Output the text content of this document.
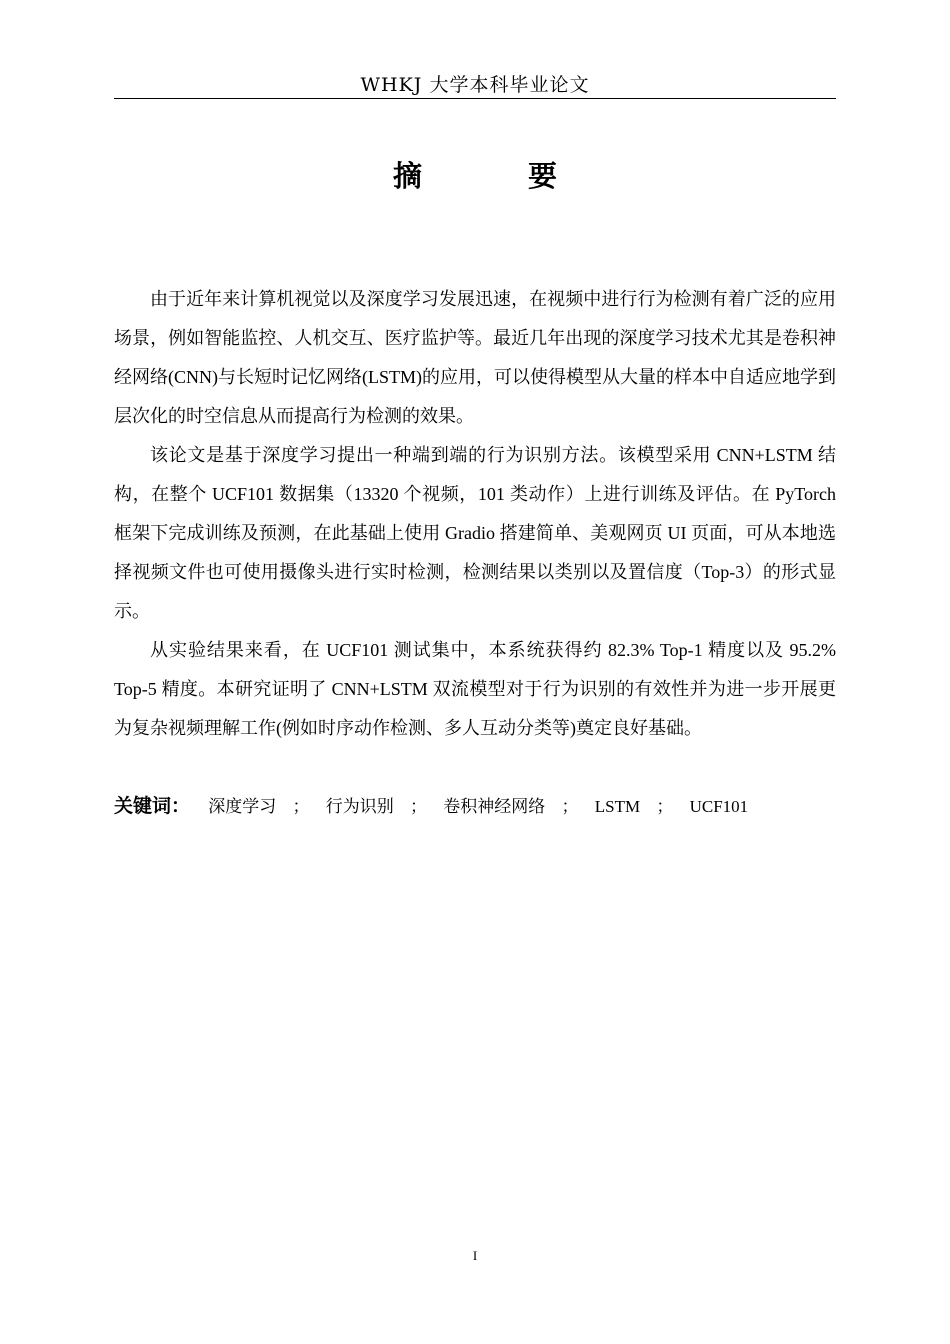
WHKJ 大学本科毕业论文
摘 要

由于近年来计算机视觉以及深度学习发展迅速，在视频中进行行为检测有着广泛的应用场景，例如智能监控、人机交互、医疗监护等。最近几年出现的深度学习技术尤其是卷积神经网络(CNN)与长短时记忆网络(LSTM)的应用，可以使得模型从大量的样本中自适应地学到层次化的时空信息从而提高行为检测的效果。

该论文是基于深度学习提出一种端到端的行为识别方法。该模型采用 CNN+LSTM 结构，在整个 UCF101 数据集（13320 个视频，101 类动作）上进行训练及评估。在 PyTorch 框架下完成训练及预测，在此基础上使用 Gradio 搭建简单、美观网页 UI 页面，可从本地选择视频文件也可使用摄像头进行实时检测，检测结果以类别以及置信度（Top-3）的形式显示。

从实验结果来看，在 UCF101 测试集中，本系统获得约 82.3% Top-1 精度以及 95.2% Top-5 精度。本研究证明了 CNN+LSTM 双流模型对于行为识别的有效性并为进一步开展更为复杂视频理解工作(例如时序动作检测、多人互动分类等)奠定良好基础。

关键词： 深度学习 ； 行为识别 ； 卷积神经网络 ； LSTM ； UCF101
I
